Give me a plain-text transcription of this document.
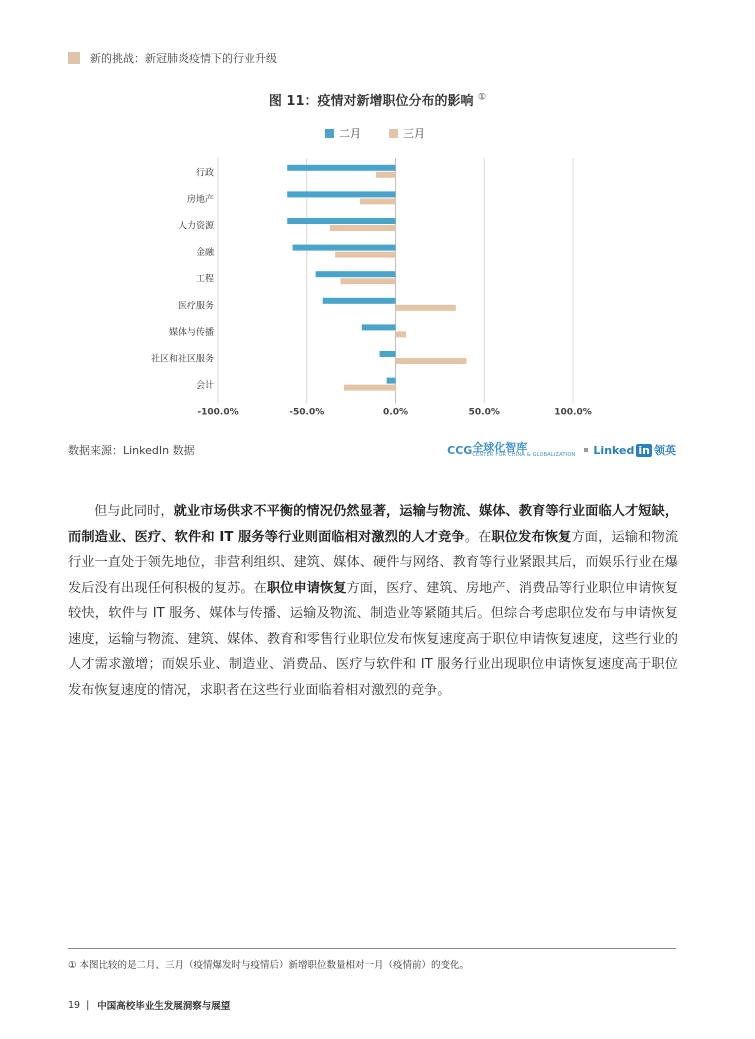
新的挑战：新冠肺炎疫情下的行业升级
图 11：疫情对新增职位分布的影响 ①
二月	三月
-100.0%	-50.0%	0.0%	50.0%	100.0%
行政
房地产
人力资源
金融
工程
医疗服务
媒体与传播
社区和社区服务
会计
数据来源：LinkedIn 数据	CCG 全球化智库
CENTER FOR CHINA & GLOBALIZATION Linked in 领英

但与此同时，就业市场供求不平衡的情况仍然显著，运输与物流、媒体、教育等行业面临人才短缺，而制造业、医疗、软件和 IT 服务等行业则面临相对激烈的人才竞争。在职位发布恢复方面，运输和物流行业一直处于领先地位，非营利组织、建筑、媒体、硬件与网络、教育等行业紧跟其后，而娱乐行业在爆发后没有出现任何积极的复苏。在职位申请恢复方面，医疗、建筑、房地产、消费品等行业职位申请恢复较快，软件与 IT 服务、媒体与传播、运输及物流、制造业等紧随其后。但综合考虑职位发布与申请恢复速度，运输与物流、建筑、媒体、教育和零售行业职位发布恢复速度高于职位申请恢复速度，这些行业的人才需求激增；而娱乐业、制造业、消费品、医疗与软件和 IT 服务行业出现职位申请恢复速度高于职位发布恢复速度的情况，求职者在这些行业面临着相对激烈的竞争。

① 本图比较的是二月、三月（疫情爆发时与疫情后）新增职位数量相对一月（疫情前）的变化。
19 | 中国高校毕业生发展洞察与展望
